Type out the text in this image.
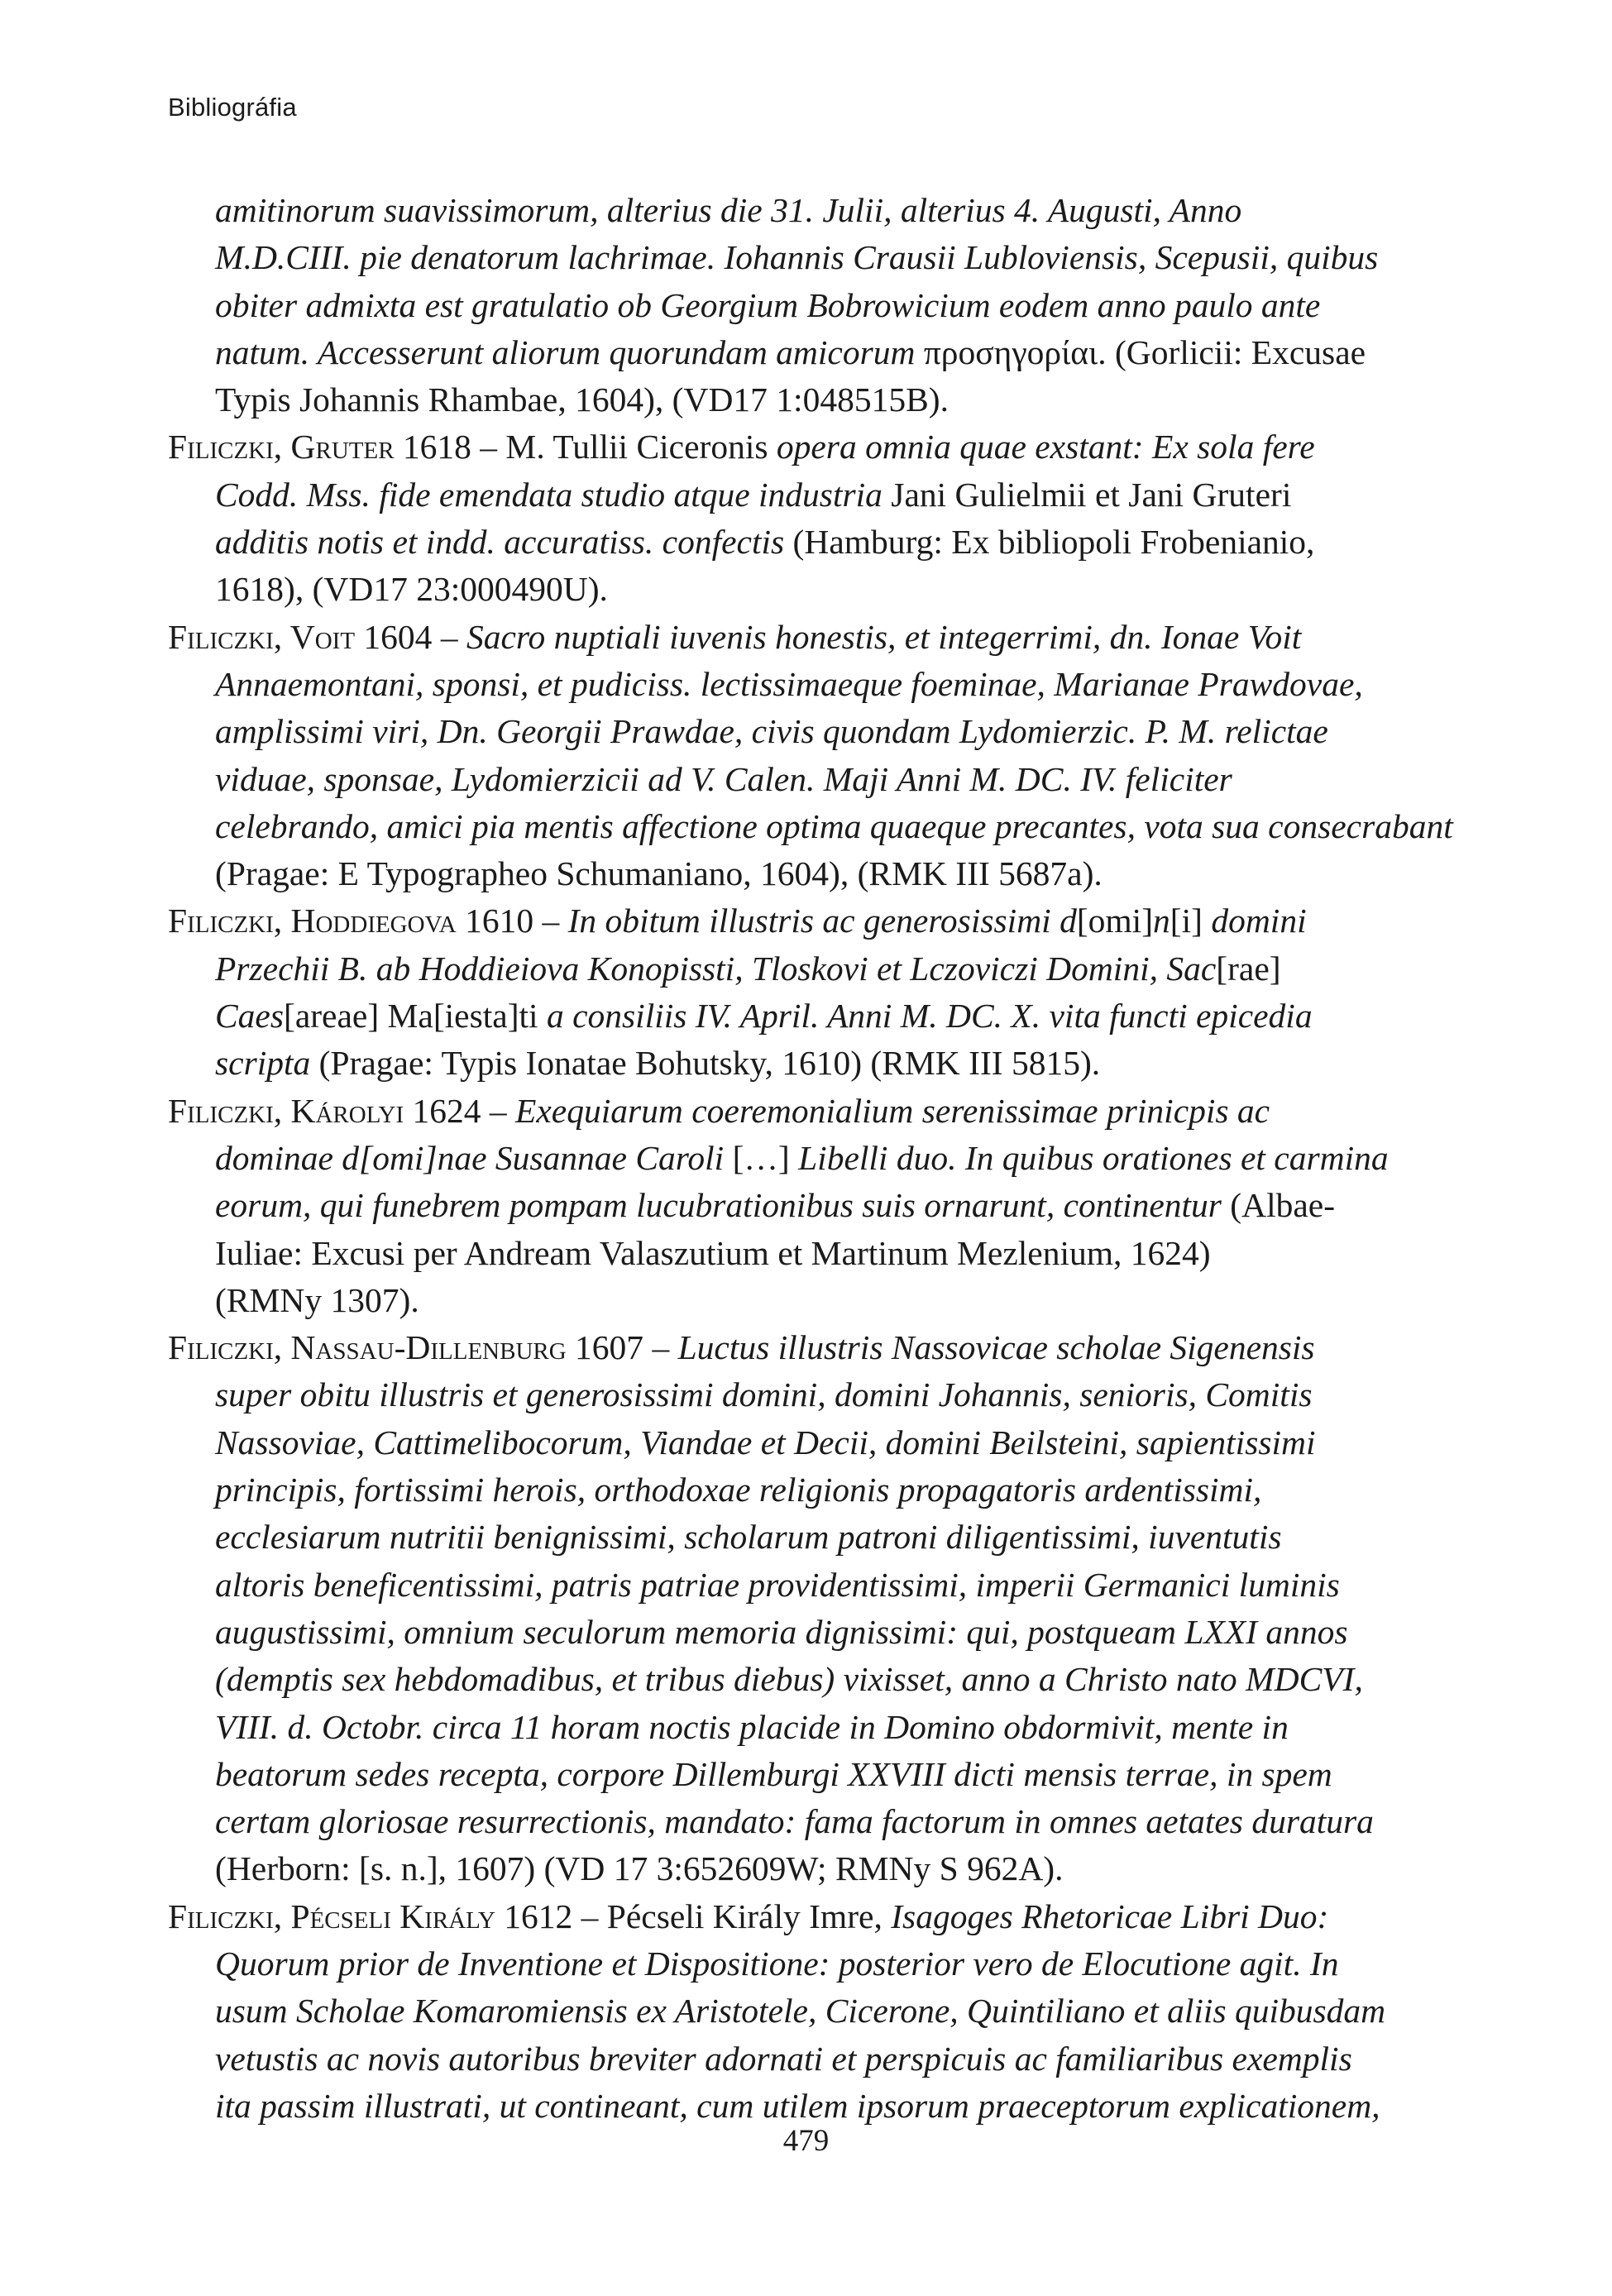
Bibliográfia
amitinorum suavissimorum, alterius die 31. Julii, alterius 4. Augusti, Anno
M.D.CIII. pie denatorum lachrimae. Iohannis Crausii Lubloviensis, Scepusii, quibus
obiter admixta est gratulatio ob Georgium Bobrowicium eodem anno paulo ante
natum. Accesserunt aliorum quorundam amicorum προσηγορίαι. (Gorlicii: Excusae
Typis Johannis Rhambae, 1604), (VD17 1:048515B).
Filiczki, Gruter 1618 – M. Tullii Ciceronis opera omnia quae exstant: Ex sola fere
Codd. Mss. fide emendata studio atque industria Jani Gulielmii et Jani Gruteri
additis notis et indd. accuratiss. confectis (Hamburg: Ex bibliopoli Frobenianio,
1618), (VD17 23:000490U).
Filiczki, Voit 1604 – Sacro nuptiali iuvenis honestis, et integerrimi, dn. Ionae Voit
Annaemontani, sponsi, et pudiciss. lectissimaeque foeminae, Marianae Prawdovae,
amplissimi viri, Dn. Georgii Prawdae, civis quondam Lydomierzic. P. M. relictae
viduae, sponsae, Lydomierzicii ad V. Calen. Maji Anni M. DC. IV. feliciter
celebrando, amici pia mentis affectione optima quaeque precantes, vota sua consecrabant
(Pragae: E Typographeo Schumaniano, 1604), (RMK III 5687a).
Filiczki, Hoddiegova 1610 – In obitum illustris ac generosissimi d[omi]n[i] domini
Przechii B. ab Hoddieiova Konopissti, Tloskovi et Lczoviczi Domini, Sac[rae]
Caes[areae] Ma[iesta]ti a consiliis IV. April. Anni M. DC. X. vita functi epicedia
scripta (Pragae: Typis Ionatae Bohutsky, 1610) (RMK III 5815).
Filiczki, Károlyi 1624 – Exequiarum coeremonialium serenissimae prinicpis ac
dominae d[omi]nae Susannae Caroli […] Libelli duo. In quibus orationes et carmina
eorum, qui funebrem pompam lucubrationibus suis ornarunt, continentur (Albae-
Iuliae: Excusi per Andream Valaszutium et Martinum Mezlenium, 1624)
(RMNy 1307).
Filiczki, Nassau-Dillenburg 1607 – Luctus illustris Nassovicae scholae Sigenensis
super obitu illustris et generosissimi domini, domini Johannis, senioris, Comitis
Nassoviae, Cattimelibocorum, Viandae et Decii, domini Beilsteini, sapientissimi
principis, fortissimi herois, orthodoxae religionis propagatoris ardentissimi,
ecclesiarum nutritii benignissimi, scholarum patroni diligentissimi, iuventutis
altoris beneficentissimi, patris patriae providentissimi, imperii Germanici luminis
augustissimi, omnium seculorum memoria dignissimi: qui, postqueam LXXI annos
(demptis sex hebdomadibus, et tribus diebus) vixisset, anno a Christo nato MDCVI,
VIII. d. Octobr. circa 11 horam noctis placide in Domino obdormivit, mente in
beatorum sedes recepta, corpore Dillemburgi XXVIII dicti mensis terrae, in spem
certam gloriosae resurrectionis, mandato: fama factorum in omnes aetates duratura
(Herborn: [s. n.], 1607) (VD 17 3:652609W; RMNy S 962A).
Filiczki, Pécseli Király 1612 – Pécseli Király Imre, Isagoges Rhetoricae Libri Duo:
Quorum prior de Inventione et Dispositione: posterior vero de Elocutione agit. In
usum Scholae Komaromiensis ex Aristotele, Cicerone, Quintiliano et aliis quibusdam
vetustis ac novis autoribus breviter adornati et perspicuis ac familiaribus exemplis
ita passim illustrati, ut contineant, cum utilem ipsorum praeceptorum explicationem,
479
